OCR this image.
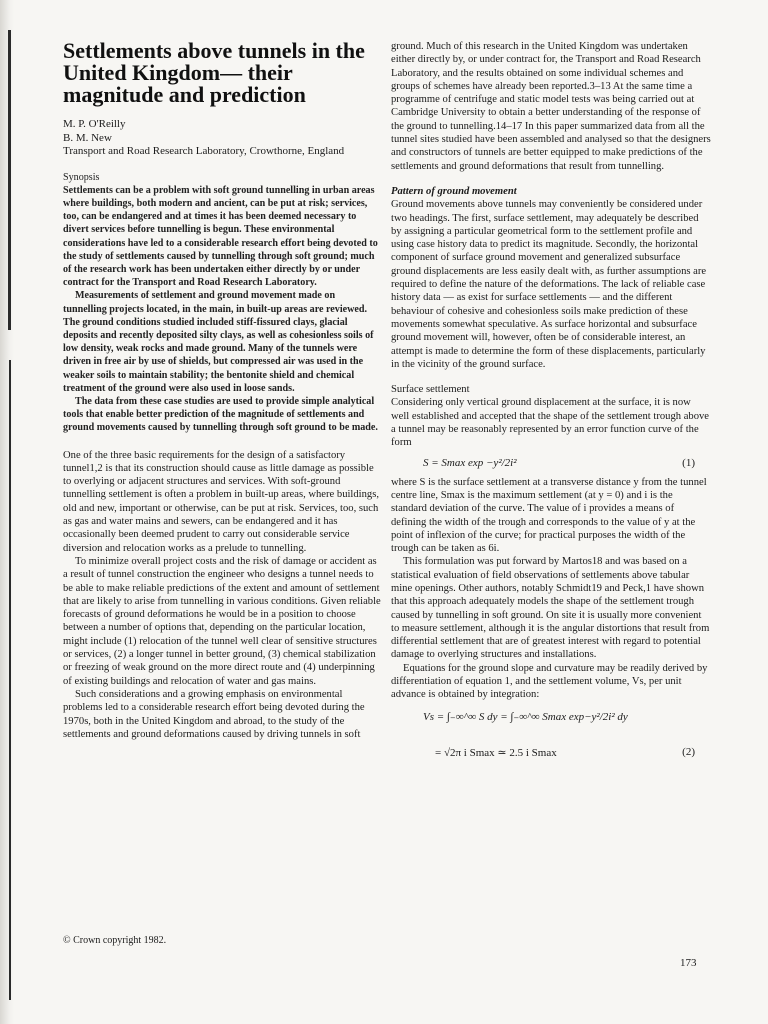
Settlements above tunnels in the United Kingdom— their magnitude and prediction

M. P. O'Reilly

B. M. New

Transport and Road Research Laboratory, Crowthorne, England

Synopsis

Settlements can be a problem with soft ground tunnelling in urban areas where buildings, both modern and ancient, can be put at risk; services, too, can be endangered and at times it has been deemed necessary to divert services before tunnelling is begun. These environmental considerations have led to a considerable research effort being devoted to the study of settlements caused by tunnelling through soft ground; much of the research work has been undertaken either directly by or under contract for the Transport and Road Research Laboratory.

Measurements of settlement and ground movement made on tunnelling projects located, in the main, in built-up areas are reviewed. The ground conditions studied included stiff-fissured clays, glacial deposits and recently deposited silty clays, as well as cohesionless soils of low density, weak rocks and made ground. Many of the tunnels were driven in free air by use of shields, but compressed air was used in the weaker soils to maintain stability; the bentonite shield and chemical treatment of the ground were also used in loose sands.

The data from these case studies are used to provide simple analytical tools that enable better prediction of the magnitude of settlements and ground movements caused by tunnelling through soft ground to be made.

One of the three basic requirements for the design of a satisfactory tunnel1,2 is that its construction should cause as little damage as possible to overlying or adjacent structures and services. With soft-ground tunnelling settlement is often a problem in built-up areas, where buildings, old and new, important or otherwise, can be put at risk. Services, too, such as gas and water mains and sewers, can be endangered and it has occasionally been deemed prudent to carry out considerable service diversion and relocation works as a prelude to tunnelling.

To minimize overall project costs and the risk of damage or accident as a result of tunnel construction the engineer who designs a tunnel needs to be able to make reliable predictions of the extent and amount of settlement that are likely to arise from tunnelling in various conditions. Given reliable forecasts of ground deformations he would be in a position to choose between a number of options that, depending on the particular location, might include (1) relocation of the tunnel well clear of sensitive structures or services, (2) a longer tunnel in better ground, (3) chemical stabilization or freezing of weak ground on the more direct route and (4) underpinning of existing buildings and relocation of water and gas mains.

Such considerations and a growing emphasis on environmental problems led to a considerable research effort being devoted during the 1970s, both in the United Kingdom and abroad, to the study of the settlements and ground deformations caused by driving tunnels in soft

ground. Much of this research in the United Kingdom was undertaken either directly by, or under contract for, the Transport and Road Research Laboratory, and the results obtained on some individual schemes and groups of schemes have already been reported.3–13 At the same time a programme of centrifuge and static model tests was being carried out at Cambridge University to obtain a better understanding of the response of the ground to tunnelling.14–17 In this paper summarized data from all the tunnel sites studied have been assembled and analysed so that the designers and constructors of tunnels are better equipped to make predictions of the settlements and ground deformations that result from tunnelling.

Pattern of ground movement

Ground movements above tunnels may conveniently be considered under two headings. The first, surface settlement, may adequately be described by assigning a particular geometrical form to the settlement profile and using case history data to predict its magnitude. Secondly, the horizontal component of surface ground movement and generalized subsurface ground displacements are less easily dealt with, as further assumptions are required to define the nature of the deformations. The lack of reliable case history data — as exist for surface settlements — and the different behaviour of cohesive and cohesionless soils make prediction of these movements somewhat speculative. As surface horizontal and subsurface ground movement will, however, often be of considerable interest, an attempt is made to determine the form of these displacements, particularly in the vicinity of the ground surface.

Surface settlement

Considering only vertical ground displacement at the surface, it is now well established and accepted that the shape of the settlement trough above a tunnel may be reasonably represented by an error function curve of the form

S = Smax exp −y²/2i²	(1)

where S is the surface settlement at a transverse distance y from the tunnel centre line, Smax is the maximum settlement (at y = 0) and i is the standard deviation of the curve. The value of i provides a means of defining the width of the trough and corresponds to the value of y at the point of inflexion of the curve; for practical purposes the width of the trough can be taken as 6i.

This formulation was put forward by Martos18 and was based on a statistical evaluation of field observations of settlements above tabular mine openings. Other authors, notably Schmidt19 and Peck,1 have shown that this approach adequately models the shape of the settlement trough caused by tunnelling in soft ground. On site it is usually more convenient to measure settlement, although it is the angular distortions that result from differential settlement that are of greatest interest with regard to potential damage to overlying structures and installations.

Equations for the ground slope and curvature may be readily derived by differentiation of equation 1, and the settlement volume, Vs, per unit advance is obtained by integration:

Vs = ∫₋∞^∞ S dy = ∫₋∞^∞ Smax exp−y²/2i² dy
= √2π i Smax ≃ 2.5 i Smax	(2)
© Crown copyright 1982.
173
